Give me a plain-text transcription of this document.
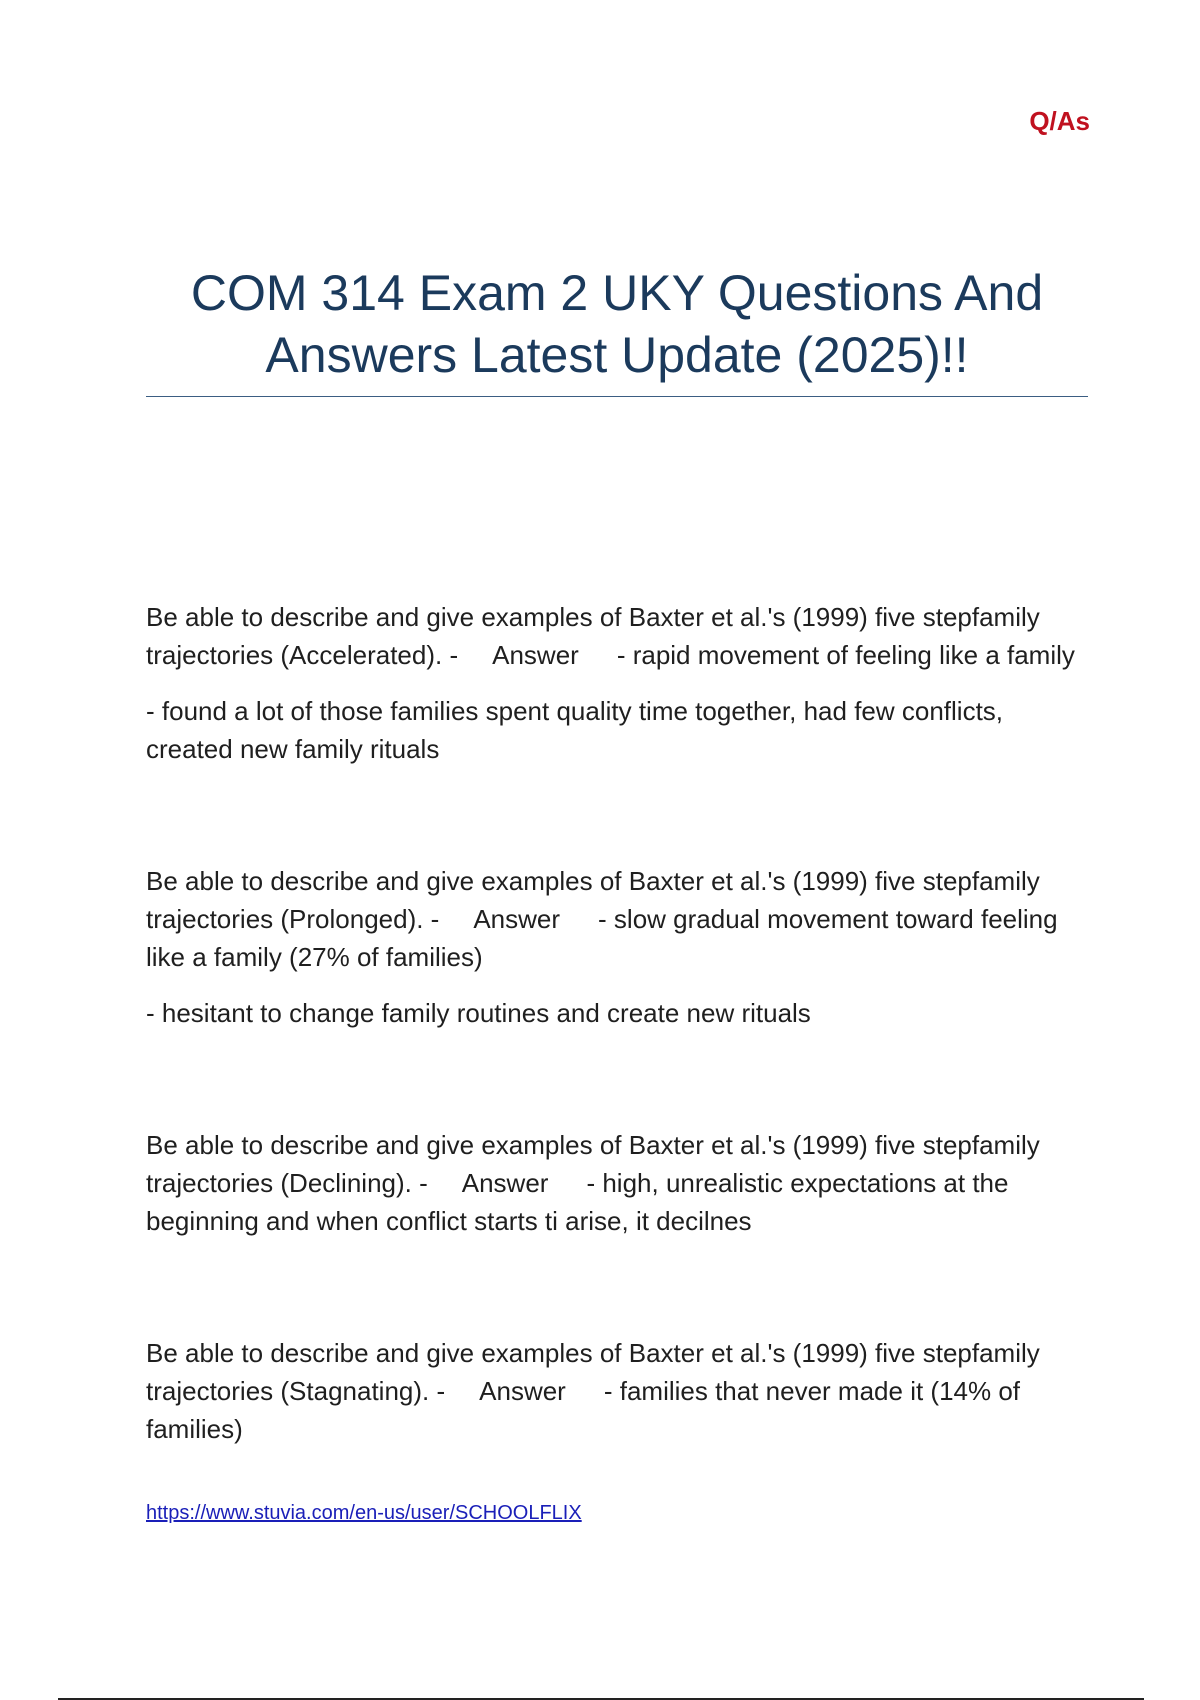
Q/As
COM 314 Exam 2 UKY Questions And Answers Latest Update (2025)!!

Be able to describe and give examples of Baxter et al.'s (1999) five stepfamily trajectories (Accelerated). - Answer - rapid movement of feeling like a family

- found a lot of those families spent quality time together, had few conflicts, created new family rituals

Be able to describe and give examples of Baxter et al.'s (1999) five stepfamily trajectories (Prolonged). - Answer - slow gradual movement toward feeling like a family (27% of families)

- hesitant to change family routines and create new rituals

Be able to describe and give examples of Baxter et al.'s (1999) five stepfamily trajectories (Declining). - Answer - high, unrealistic expectations at the beginning and when conflict starts ti arise, it decilnes

Be able to describe and give examples of Baxter et al.'s (1999) five stepfamily trajectories (Stagnating). - Answer - families that never made it (14% of families)

https://www.stuvia.com/en-us/user/SCHOOLFLIX
